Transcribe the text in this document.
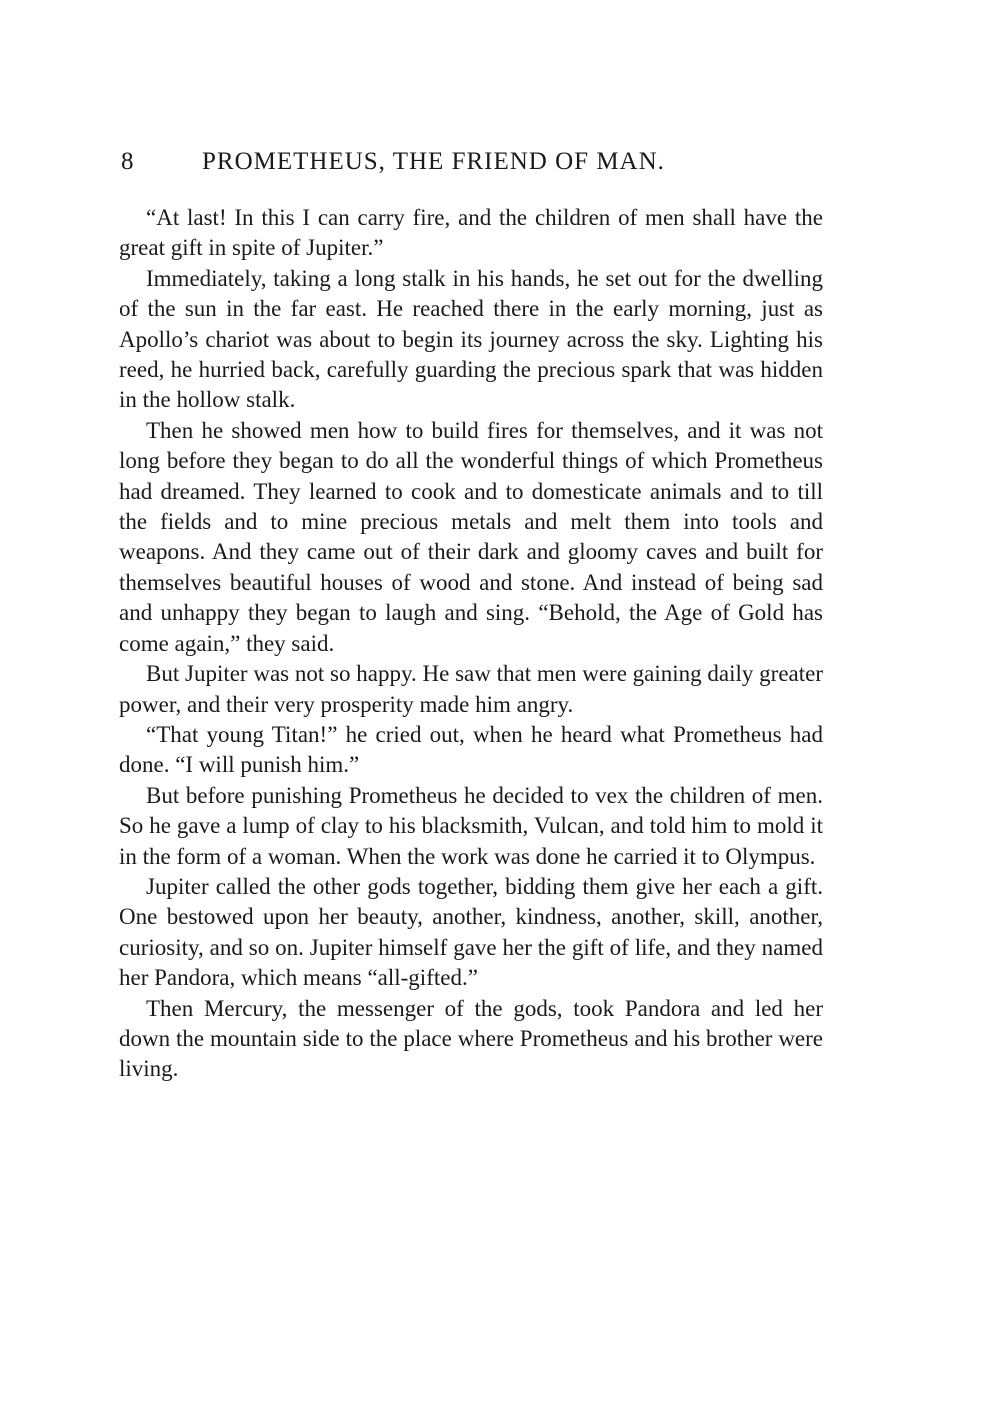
8	PROMETHEUS, THE FRIEND OF MAN.

“At last! In this I can carry fire, and the children of men shall have the great gift in spite of Jupiter.”

Immediately, taking a long stalk in his hands, he set out for the dwelling of the sun in the far east. He reached there in the early morning, just as Apollo’s chariot was about to begin its journey across the sky. Lighting his reed, he hurried back, carefully guarding the precious spark that was hidden in the hollow stalk.

Then he showed men how to build fires for themselves, and it was not long before they began to do all the wonderful things of which Prometheus had dreamed. They learned to cook and to domesticate animals and to till the fields and to mine precious metals and melt them into tools and weapons. And they came out of their dark and gloomy caves and built for themselves beautiful houses of wood and stone. And instead of being sad and unhappy they began to laugh and sing. “Behold, the Age of Gold has come again,” they said.

But Jupiter was not so happy. He saw that men were gaining daily greater power, and their very prosperity made him angry.

“That young Titan!” he cried out, when he heard what Prometheus had done. “I will punish him.”

But before punishing Prometheus he decided to vex the children of men. So he gave a lump of clay to his blacksmith, Vulcan, and told him to mold it in the form of a woman. When the work was done he carried it to Olympus.

Jupiter called the other gods together, bidding them give her each a gift. One bestowed upon her beauty, another, kindness, another, skill, another, curiosity, and so on. Jupiter himself gave her the gift of life, and they named her Pandora, which means “all-gifted.”

Then Mercury, the messenger of the gods, took Pandora and led her down the mountain side to the place where Prometheus and his brother were living.
